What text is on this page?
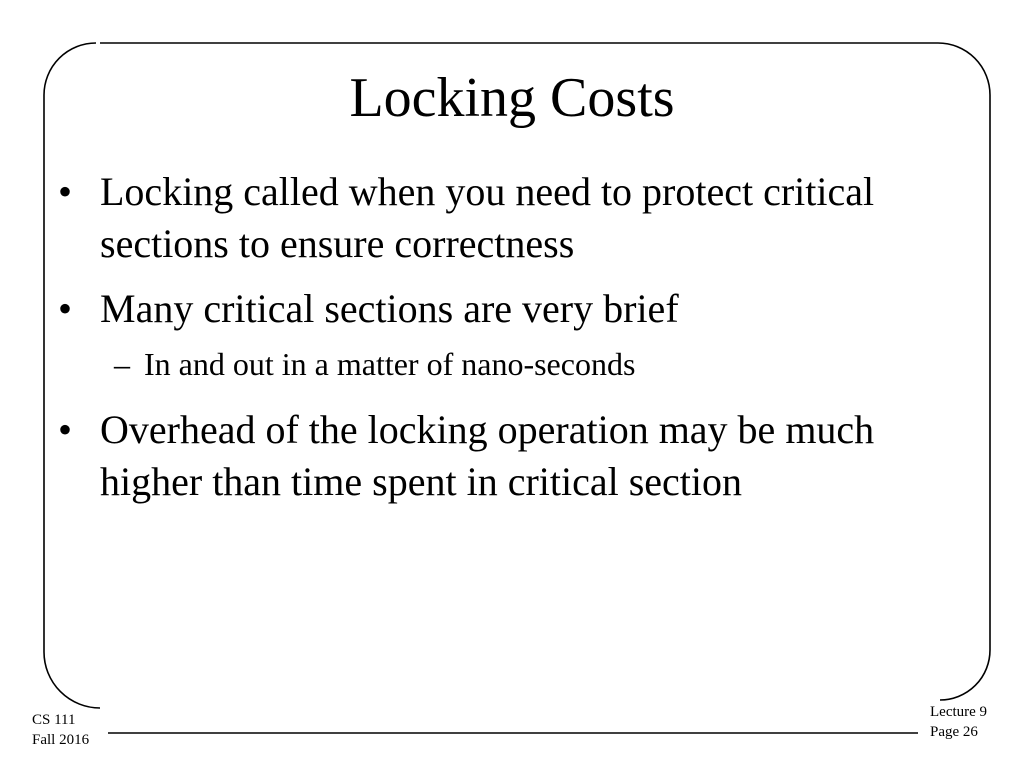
Locking Costs
• Locking called when you need to protect critical sections to ensure correctness
• Many critical sections are very brief
– In and out in a matter of nano-seconds
• Overhead of the locking operation may be much higher than time spent in critical section
CS 111
Fall 2016
Lecture 9
Page 26
